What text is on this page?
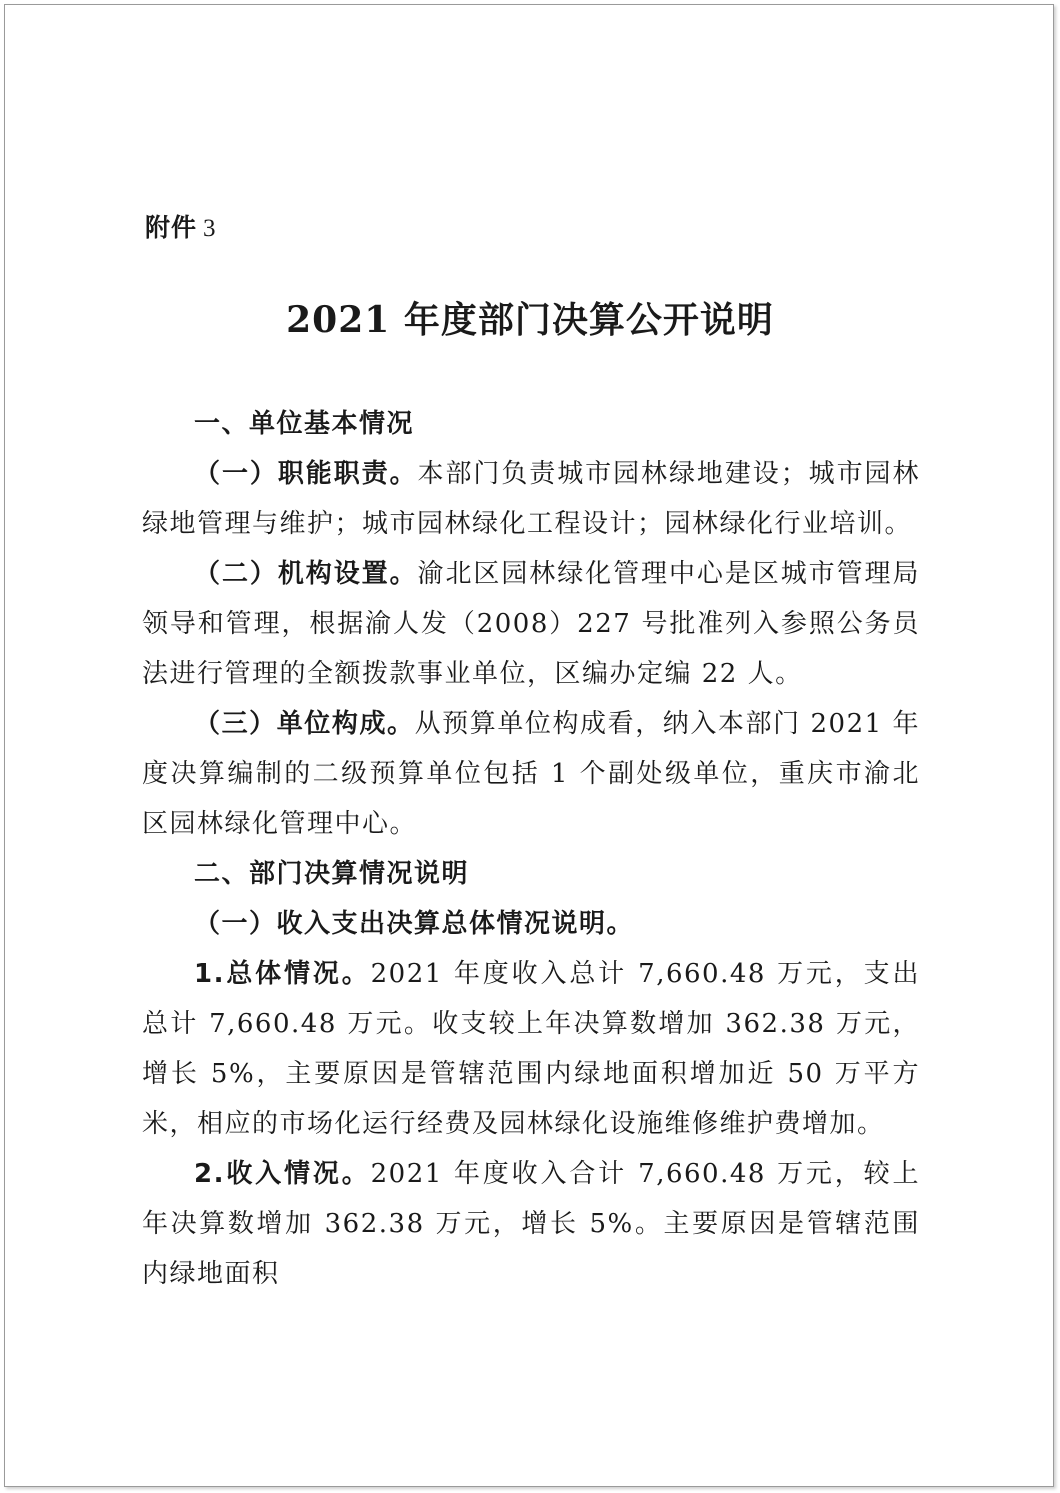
附件 3
2021 年度部门决算公开说明

一、单位基本情况

（一）职能职责。本部门负责城市园林绿地建设；城市园林绿地管理与维护；城市园林绿化工程设计；园林绿化行业培训。

（二）机构设置。渝北区园林绿化管理中心是区城市管理局领导和管理，根据渝人发（2008）227 号批准列入参照公务员法进行管理的全额拨款事业单位，区编办定编 22 人。

（三）单位构成。从预算单位构成看，纳入本部门 2021 年度决算编制的二级预算单位包括 1 个副处级单位，重庆市渝北区园林绿化管理中心。

二、部门决算情况说明

（一）收入支出决算总体情况说明。

1.总体情况。2021 年度收入总计 7,660.48 万元，支出总计 7,660.48 万元。收支较上年决算数增加 362.38 万元，增长 5%，主要原因是管辖范围内绿地面积增加近 50 万平方米，相应的市场化运行经费及园林绿化设施维修维护费增加。

2.收入情况。2021 年度收入合计 7,660.48 万元，较上年决算数增加 362.38 万元，增长 5%。主要原因是管辖范围内绿地面积
